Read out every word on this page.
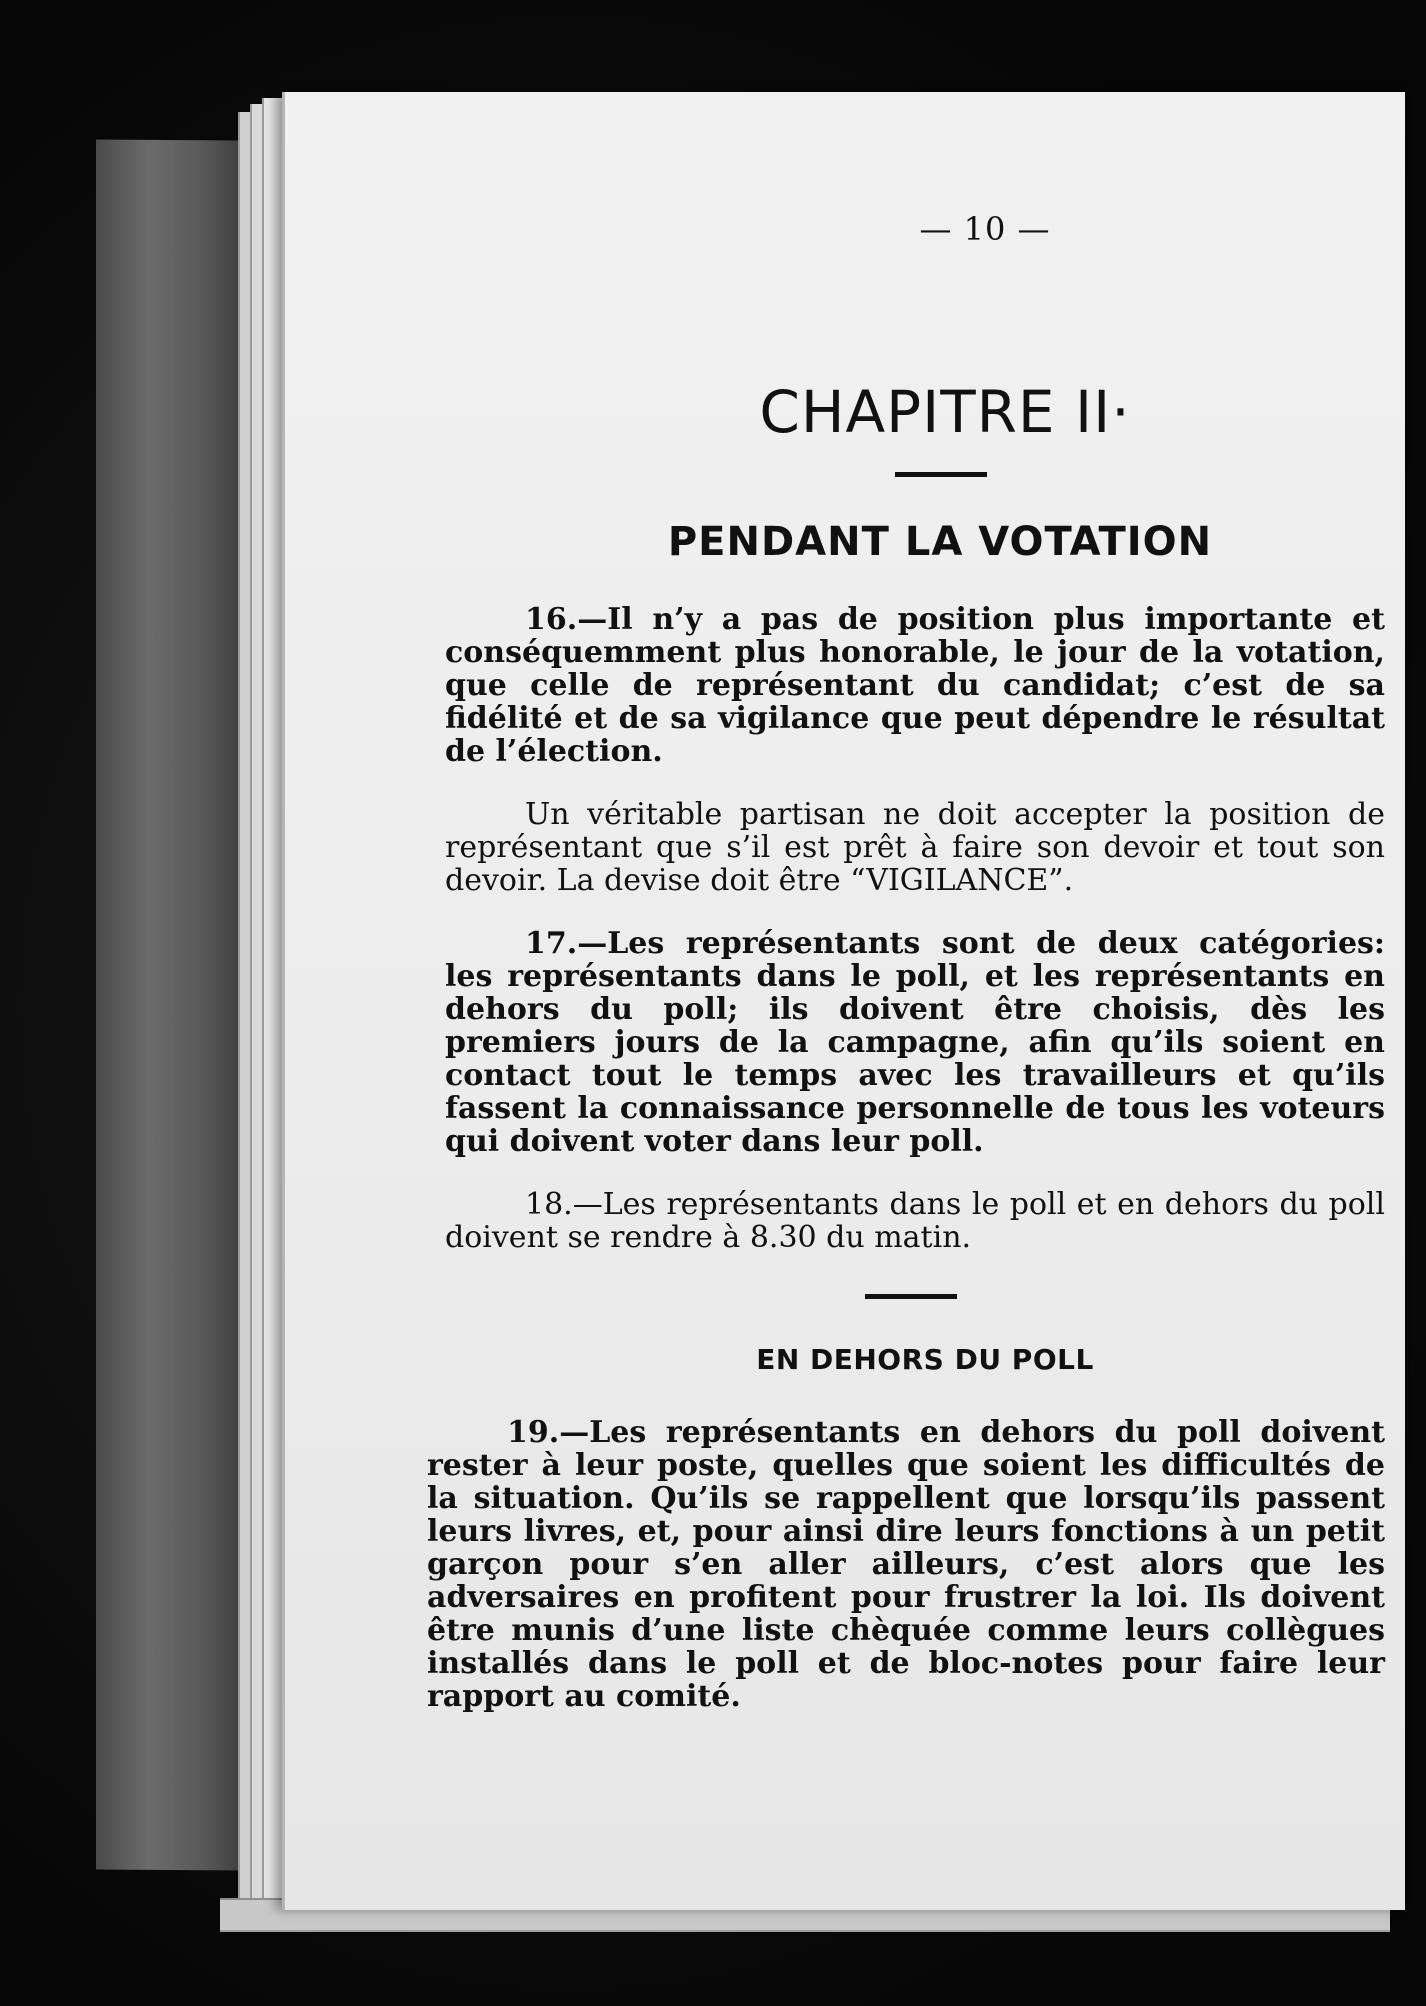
— 10 —
CHAPITRE II·
PENDANT LA VOTATION

16.—Il n’y a pas de position plus importante et conséquemment plus honorable, le jour de la votation, que celle de représentant du candidat; c’est de sa fidélité et de sa vigilance que peut dépendre le résultat de l’élection.

Un véritable partisan ne doit accepter la position de représentant que s’il est prêt à faire son devoir et tout son devoir. La devise doit être “VIGILANCE”.

17.—Les représentants sont de deux catégories: les représentants dans le poll, et les représentants en dehors du poll; ils doivent être choisis, dès les premiers jours de la campagne, afin qu’ils soient en contact tout le temps avec les travailleurs et qu’ils fassent la connaissance personnelle de tous les voteurs qui doivent voter dans leur poll.

18.—Les représentants dans le poll et en dehors du poll doivent se rendre à 8.30 du matin.

EN DEHORS DU POLL

19.—Les représentants en dehors du poll doivent rester à leur poste, quelles que soient les difficultés de la situation. Qu’ils se rappellent que lorsqu’ils passent leurs livres, et, pour ainsi dire leurs fonctions à un petit garçon pour s’en aller ailleurs, c’est alors que les adversaires en profitent pour frustrer la loi. Ils doivent être munis d’une liste chèquée comme leurs collègues installés dans le poll et de bloc-notes pour faire leur rapport au comité.
